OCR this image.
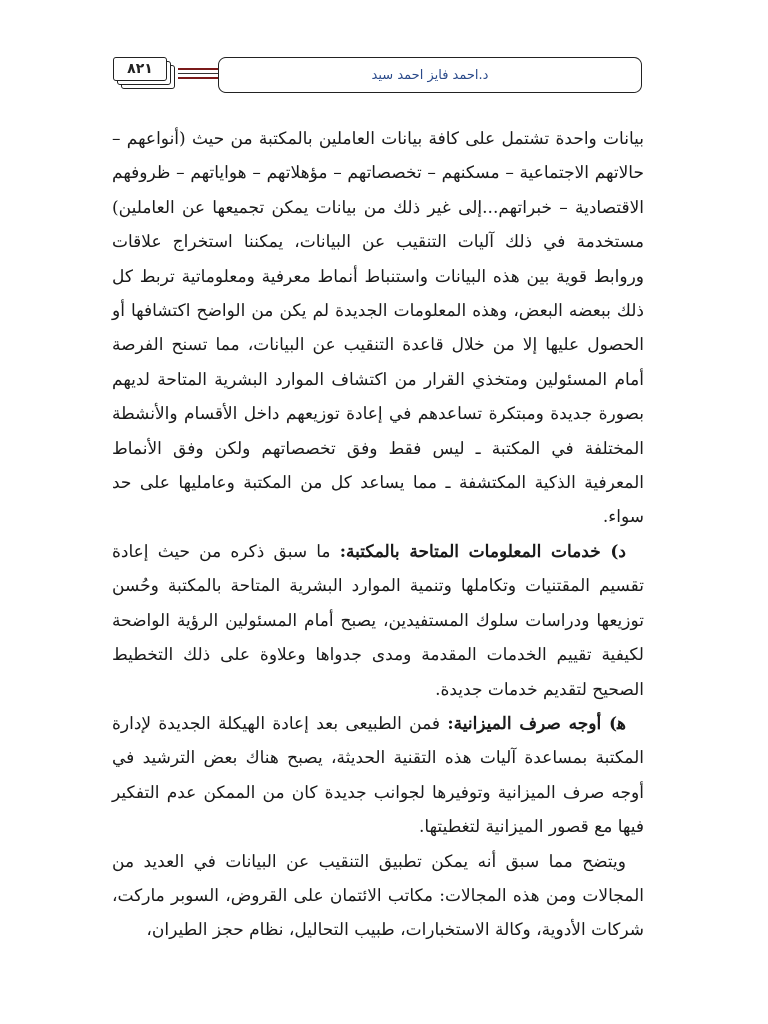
٨٢١	د.احمد فايز احمد سيد

بيانات واحدة تشتمل على كافة بيانات العاملين بالمكتبة من حيث (أنواعهم – حالاتهم الاجتماعية – مسكنهم – تخصصاتهم – مؤهلاتهم – هواياتهم – ظروفهم الاقتصادية – خبراتهم...إلى غير ذلك من بيانات يمكن تجميعها عن العاملين) مستخدمة في ذلك آليات التنقيب عن البيانات، يمكننا استخراج علاقات وروابط قوية بين هذه البيانات واستنباط أنماط معرفية ومعلوماتية تربط كل ذلك ببعضه البعض، وهذه المعلومات الجديدة لم يكن من الواضح اكتشافها أو الحصول عليها إلا من خلال قاعدة التنقيب عن البيانات، مما تسنح الفرصة أمام المسئولين ومتخذي القرار من اكتشاف الموارد البشرية المتاحة لديهم بصورة جديدة ومبتكرة تساعدهم في إعادة توزيعهم داخل الأقسام والأنشطة المختلفة في المكتبة ـ ليس فقط وفق تخصصاتهم ولكن وفق الأنماط المعرفية الذكية المكتشفة ـ مما يساعد كل من المكتبة وعامليها على حد سواء.

د) خدمات المعلومات المتاحة بالمكتبة: ما سبق ذكره من حيث إعادة تقسيم المقتنيات وتكاملها وتنمية الموارد البشرية المتاحة بالمكتبة وحُسن توزيعها ودراسات سلوك المستفيدين، يصبح أمام المسئولين الرؤية الواضحة لكيفية تقييم الخدمات المقدمة ومدى جدواها وعلاوة على ذلك التخطيط الصحيح لتقديم خدمات جديدة.

ﻫ) أوجه صرف الميزانية: فمن الطبيعى بعد إعادة الهيكلة الجديدة لإدارة المكتبة بمساعدة آليات هذه التقنية الحديثة، يصبح هناك بعض الترشيد في أوجه صرف الميزانية وتوفيرها لجوانب جديدة كان من الممكن عدم التفكير فيها مع قصور الميزانية لتغطيتها.

ويتضح مما سبق أنه يمكن تطبيق التنقيب عن البيانات في العديد من المجالات ومن هذه المجالات: مكاتب الائتمان على القروض، السوبر ماركت، شركات الأدوية، وكالة الاستخبارات، طبيب التحاليل، نظام حجز الطيران،
